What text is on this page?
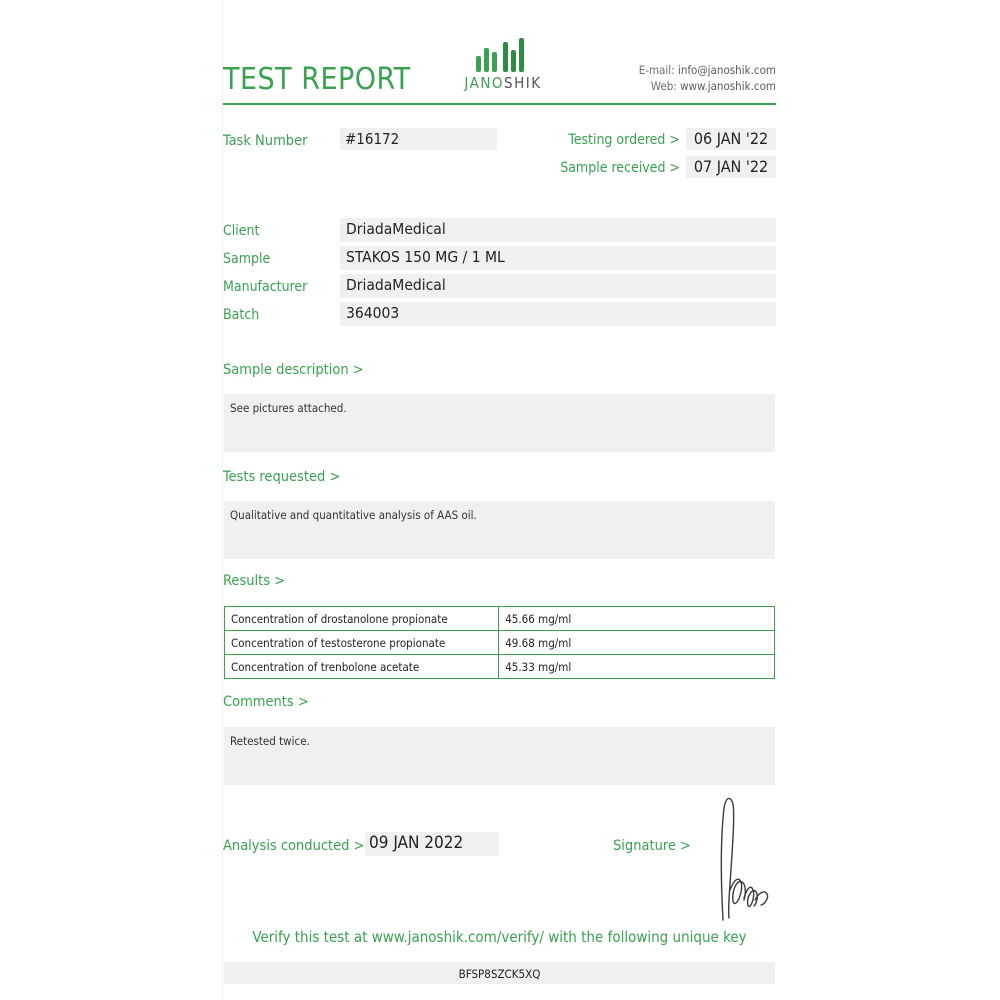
TEST REPORT	JANOSHIK
E-mail: info@janoshik.com
Web: www.janoshik.com
Task Number	#16172	Testing ordered > 06 JAN '22
Sample received > 07 JAN '22
Client	DriadaMedical
Sample	STAKOS 150 MG / 1 ML
Manufacturer	DriadaMedical
Batch	364003
Sample description >
See pictures attached.
Tests requested >
Qualitative and quantitative analysis of AAS oil.
Results >
Concentration of drostanolone propionate	45.66 mg/ml
Concentration of testosterone propionate	49.68 mg/ml
Concentration of trenbolone acetate	45.33 mg/ml
Comments >
Retested twice.
Analysis conducted > 09 JAN 2022	Signature >
Verify this test at www.janoshik.com/verify/ with the following unique key
BFSP8SZCK5XQ
